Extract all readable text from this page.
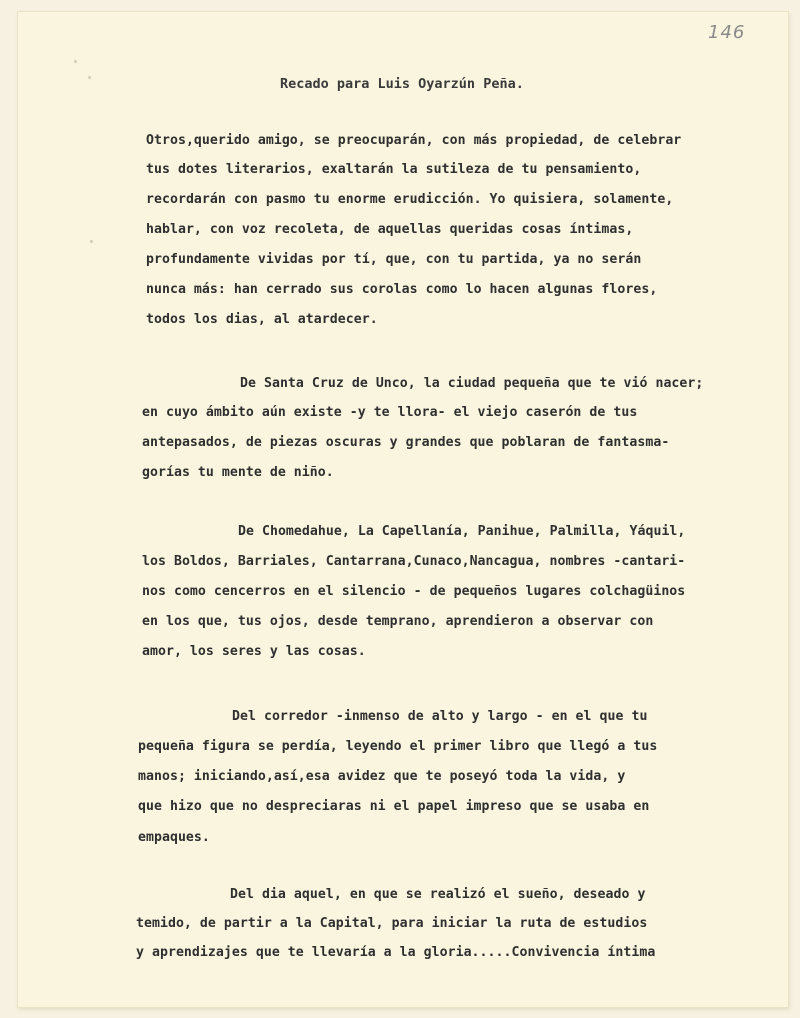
146
Recado para Luis Oyarzún Peña.
Otros,querido amigo, se preocuparán, con más propiedad, de celebrar
tus dotes literarios, exaltarán la sutileza de tu pensamiento,
recordarán con pasmo tu enorme erudicción. Yo quisiera, solamente,
hablar, con voz recoleta, de aquellas queridas cosas íntimas,
profundamente vividas por tí, que, con tu partida, ya no serán
nunca más: han cerrado sus corolas como lo hacen algunas flores,
todos los dias, al atardecer.
De Santa Cruz de Unco, la ciudad pequeña que te vió nacer;
en cuyo ámbito aún existe -y te llora- el viejo caserón de tus
antepasados, de piezas oscuras y grandes que poblaran de fantasma-
gorías tu mente de niño.
De Chomedahue, La Capellanía, Panihue, Palmilla, Yáquil,
los Boldos, Barriales, Cantarrana,Cunaco,Nancagua, nombres -cantari-
nos como cencerros en el silencio - de pequeños lugares colchagüinos
en los que, tus ojos, desde temprano, aprendieron a observar con
amor, los seres y las cosas.
Del corredor -inmenso de alto y largo - en el que tu
pequeña figura se perdía, leyendo el primer libro que llegó a tus
manos; iniciando,así,esa avidez que te poseyó toda la vida, y
que hizo que no despreciaras ni el papel impreso que se usaba en
empaques.
Del dia aquel, en que se realizó el sueño, deseado y
temido, de partir a la Capital, para iniciar la ruta de estudios
y aprendizajes que te llevaría a la gloria.....Convivencia íntima
